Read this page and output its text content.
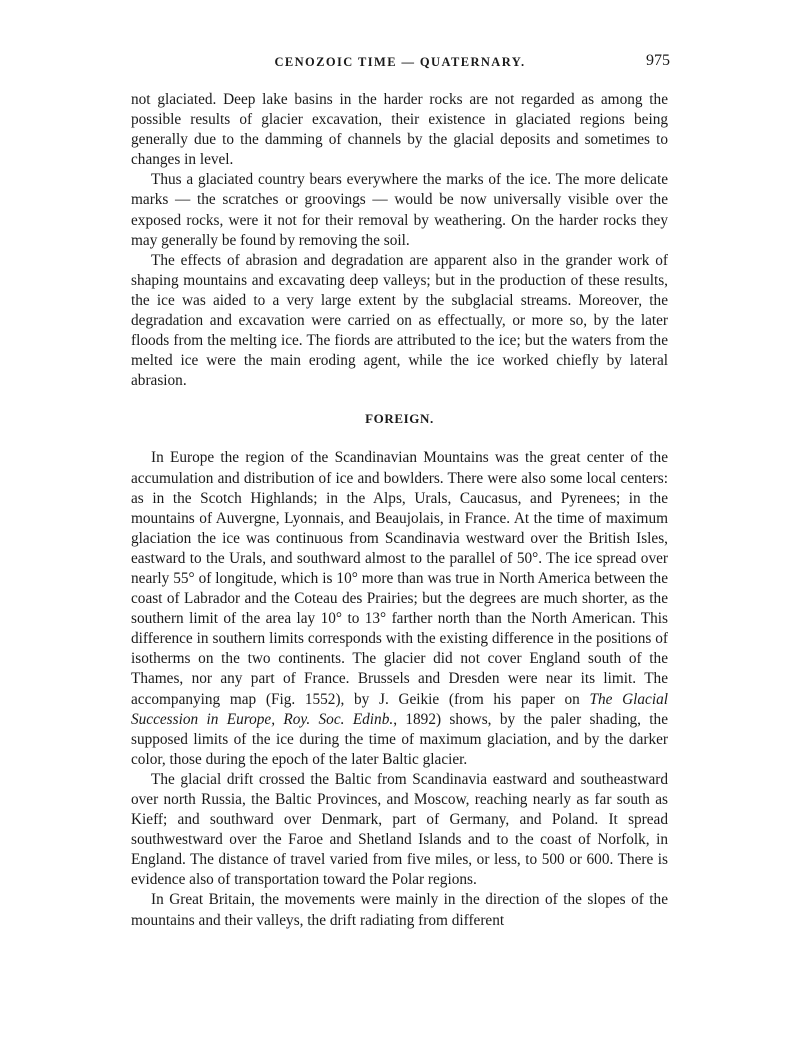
CENOZOIC TIME — QUATERNARY.	975

not glaciated. Deep lake basins in the harder rocks are not regarded as among the possible results of glacier excavation, their existence in glaciated regions being generally due to the damming of channels by the glacial deposits and sometimes to changes in level.

Thus a glaciated country bears everywhere the marks of the ice. The more delicate marks — the scratches or groovings — would be now universally visible over the exposed rocks, were it not for their removal by weathering. On the harder rocks they may generally be found by removing the soil.

The effects of abrasion and degradation are apparent also in the grander work of shaping mountains and excavating deep valleys; but in the production of these results, the ice was aided to a very large extent by the subglacial streams. Moreover, the degradation and excavation were carried on as effectually, or more so, by the later floods from the melting ice. The fiords are attributed to the ice; but the waters from the melted ice were the main eroding agent, while the ice worked chiefly by lateral abrasion.

FOREIGN.

In Europe the region of the Scandinavian Mountains was the great center of the accumulation and distribution of ice and bowlders. There were also some local centers: as in the Scotch Highlands; in the Alps, Urals, Caucasus, and Pyrenees; in the mountains of Auvergne, Lyonnais, and Beaujolais, in France. At the time of maximum glaciation the ice was continuous from Scandinavia westward over the British Isles, eastward to the Urals, and southward almost to the parallel of 50°. The ice spread over nearly 55° of longitude, which is 10° more than was true in North America between the coast of Labrador and the Coteau des Prairies; but the degrees are much shorter, as the southern limit of the area lay 10° to 13° farther north than the North American. This difference in southern limits corresponds with the existing difference in the positions of isotherms on the two continents. The glacier did not cover England south of the Thames, nor any part of France. Brussels and Dresden were near its limit. The accompanying map (Fig. 1552), by J. Geikie (from his paper on The Glacial Succession in Europe, Roy. Soc. Edinb., 1892) shows, by the paler shading, the supposed limits of the ice during the time of maximum glaciation, and by the darker color, those during the epoch of the later Baltic glacier.

The glacial drift crossed the Baltic from Scandinavia eastward and southeastward over north Russia, the Baltic Provinces, and Moscow, reaching nearly as far south as Kieff; and southward over Denmark, part of Germany, and Poland. It spread southwestward over the Faroe and Shetland Islands and to the coast of Norfolk, in England. The distance of travel varied from five miles, or less, to 500 or 600. There is evidence also of transportation toward the Polar regions.

In Great Britain, the movements were mainly in the direction of the slopes of the mountains and their valleys, the drift radiating from different
